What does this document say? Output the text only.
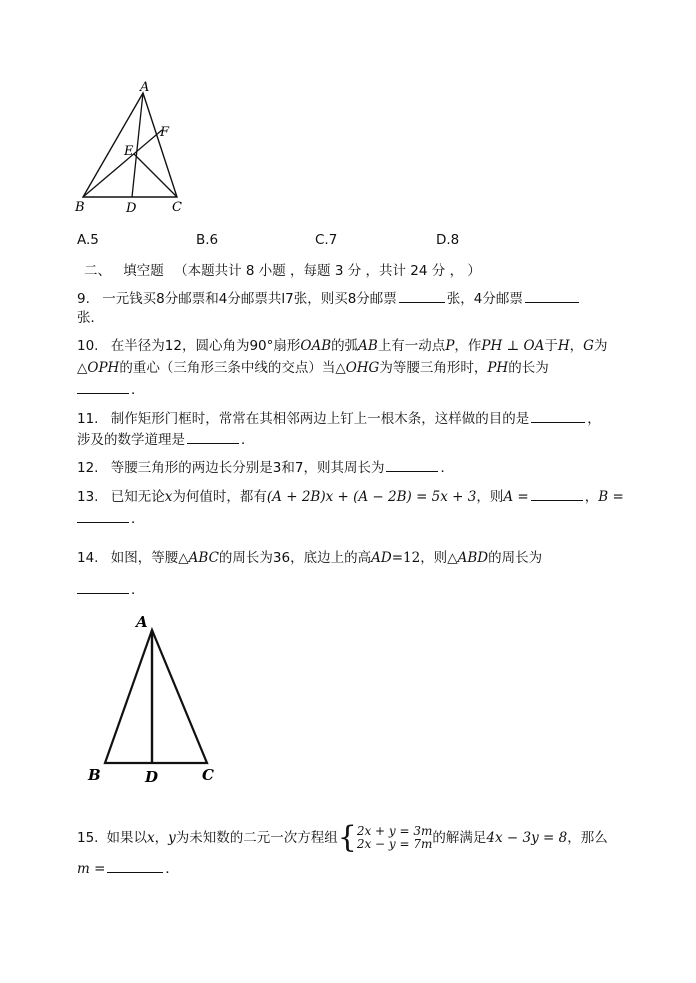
A
F
E
B	D	C
A.5	B.6	C.7	D.8
二、 填空题 （本题共计 8 小题 ，每题 3 分 ，共计 24 分 ， ）
9. 一元钱买8分邮票和4分邮票共l7张，则买8分邮票	张，4分邮票
张．
10. 在半径为12，圆心角为90°扇形OAB的弧AB上有一动点P，作PH ⊥ OA于H，G为
△OPH的重心（三角形三条中线的交点）当△OHG为等腰三角形时，PH的长为
．
11. 制作矩形门框时，常常在其相邻两边上钉上一根木条，这样做的目的是	，
涉及的数学道理是	．
12. 等腰三角形的两边长分别是3和7，则其周长为	．
13. 已知无论x为何值时，都有(A + 2B)x + (A − 2B) = 5x + 3，则A =	，B =
．
14. 如图，等腰△ABC的周长为36，底边上的高AD=12，则△ABD的周长为
．
A
B	D	C
15. 如果以 x ， y 为未知数的二元一次方程组 { 2x + y = 3m
2x − y = 7m 的解满足 4x − 3y = 8 ，那么
m =	．
